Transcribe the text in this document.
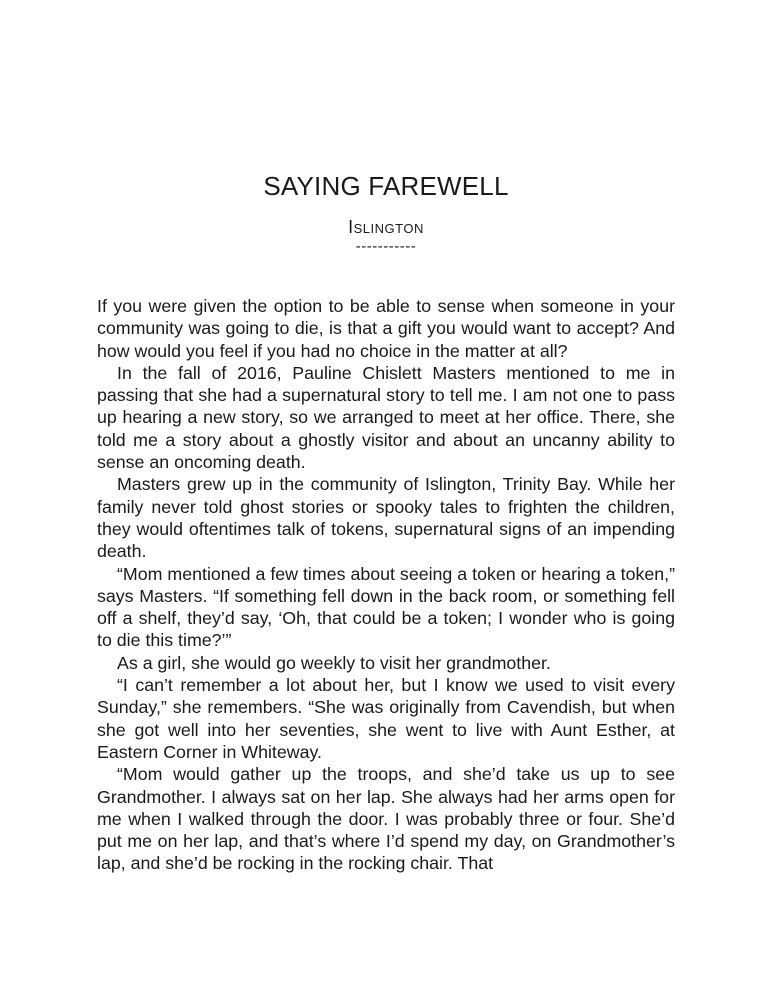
SAYING FAREWELL
Islington
-----------

If you were given the option to be able to sense when someone in your community was going to die, is that a gift you would want to accept? And how would you feel if you had no choice in the matter at all?

In the fall of 2016, Pauline Chislett Masters mentioned to me in passing that she had a supernatural story to tell me. I am not one to pass up hearing a new story, so we arranged to meet at her office. There, she told me a story about a ghostly visitor and about an uncanny ability to sense an oncoming death.

Masters grew up in the community of Islington, Trinity Bay. While her family never told ghost stories or spooky tales to frighten the children, they would oftentimes talk of tokens, supernatural signs of an impending death.

“Mom mentioned a few times about seeing a token or hearing a token,” says Masters. “If something fell down in the back room, or something fell off a shelf, they’d say, ‘Oh, that could be a token; I wonder who is going to die this time?’”

As a girl, she would go weekly to visit her grandmother.

“I can’t remember a lot about her, but I know we used to visit every Sunday,” she remembers. “She was originally from Cavendish, but when she got well into her seventies, she went to live with Aunt Esther, at Eastern Corner in Whiteway.

“Mom would gather up the troops, and she’d take us up to see Grandmother. I always sat on her lap. She always had her arms open for me when I walked through the door. I was probably three or four. She’d put me on her lap, and that’s where I’d spend my day, on Grandmother’s lap, and she’d be rocking in the rocking chair. That
